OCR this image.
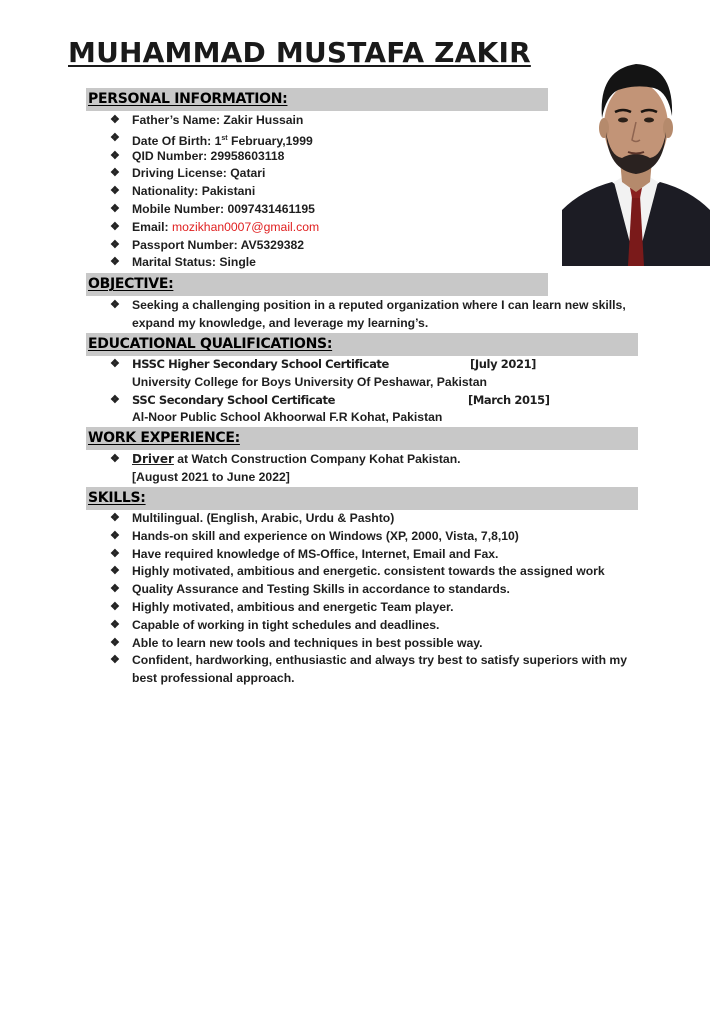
MUHAMMAD MUSTAFA ZAKIR
PERSONAL INFORMATION:
❖ Father’s Name: Zakir Hussain
❖ Date Of Birth: 1st February,1999
❖ QID Number: 29958603118
❖ Driving License: Qatari
❖ Nationality: Pakistani
❖ Mobile Number: 0097431461195
❖ Email: mozikhan0007@gmail.com
❖ Passport Number: AV5329382
❖ Marital Status: Single
OBJECTIVE:
❖ Seeking a challenging position in a reputed organization where I can learn new skills, expand my knowledge, and leverage my learning’s.
EDUCATIONAL QUALIFICATIONS:
❖ HSSC Higher Secondary School Certificate	[July 2021]
University College for Boys University Of Peshawar, Pakistan
❖ SSC Secondary School Certificate	[March 2015]
Al-Noor Public School Akhoorwal F.R Kohat, Pakistan
WORK EXPERIENCE:
❖ Driver at Watch Construction Company Kohat Pakistan.
[August 2021 to June 2022]
SKILLS:
❖ Multilingual. (English, Arabic, Urdu & Pashto)
❖ Hands-on skill and experience on Windows (XP, 2000, Vista, 7,8,10)
❖ Have required knowledge of MS-Office, Internet, Email and Fax.
❖ Highly motivated, ambitious and energetic. consistent towards the assigned work
❖ Quality Assurance and Testing Skills in accordance to standards.
❖ Highly motivated, ambitious and energetic Team player.
❖ Capable of working in tight schedules and deadlines.
❖ Able to learn new tools and techniques in best possible way.
❖ Confident, hardworking, enthusiastic and always try best to satisfy superiors with my best professional approach.
